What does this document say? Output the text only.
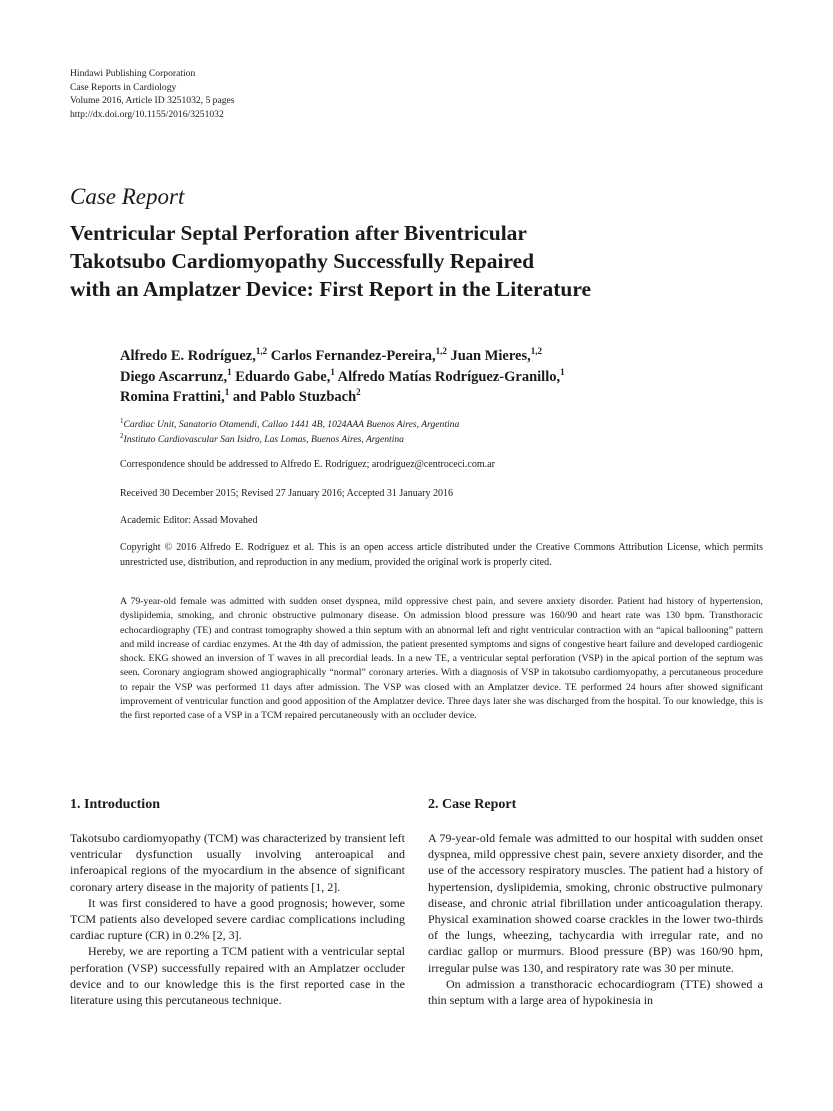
Hindawi Publishing Corporation
Case Reports in Cardiology
Volume 2016, Article ID 3251032, 5 pages
http://dx.doi.org/10.1155/2016/3251032
Case Report
Ventricular Septal Perforation after Biventricular
Takotsubo Cardiomyopathy Successfully Repaired
with an Amplatzer Device: First Report in the Literature
Alfredo E. Rodríguez,$^{1,2}$ Carlos Fernandez-Pereira,$^{1,2}$ Juan Mieres,$^{1,2}$
Diego Ascarrunz,$^1$ Eduardo Gabe,$^1$ Alfredo Matías Rodríguez-Granillo,$^1$
Romina Frattini,$^1$ and Pablo Stuzbach$^2$
$^1$Cardiac Unit, Sanatorio Otamendi, Callao 1441 4B, 1024AAA Buenos Aires, Argentina
$^2$Instituto Cardiovascular San Isidro, Las Lomas, Buenos Aires, Argentina
Correspondence should be addressed to Alfredo E. Rodríguez; arodriguez@centroceci.com.ar
Received 30 December 2015; Revised 27 January 2016; Accepted 31 January 2016
Academic Editor: Assad Movahed
Copyright © 2016 Alfredo E. Rodríguez et al. This is an open access article distributed under the Creative Commons Attribution License, which permits unrestricted use, distribution, and reproduction in any medium, provided the original work is properly cited.
A 79-year-old female was admitted with sudden onset dyspnea, mild oppressive chest pain, and severe anxiety disorder. Patient had history of hypertension, dyslipidemia, smoking, and chronic obstructive pulmonary disease. On admission blood pressure was 160/90 and heart rate was 130 bpm. Transthoracic echocardiography (TE) and contrast tomography showed a thin septum with an abnormal left and right ventricular contraction with an “apical ballooning” pattern and mild increase of cardiac enzymes. At the 4th day of admission, the patient presented symptoms and signs of congestive heart failure and developed cardiogenic shock. EKG showed an inversion of T waves in all precordial leads. In a new TE, a ventricular septal perforation (VSP) in the apical portion of the septum was seen. Coronary angiogram showed angiographically “normal” coronary arteries. With a diagnosis of VSP in takotsubo cardiomyopathy, a percutaneous procedure to repair the VSP was performed 11 days after admission. The VSP was closed with an Amplatzer device. TE performed 24 hours after showed significant improvement of ventricular function and good apposition of the Amplatzer device. Three days later she was discharged from the hospital. To our knowledge, this is the first reported case of a VSP in a TCM repaired percutaneously with an occluder device.
1. Introduction

Takotsubo cardiomyopathy (TCM) was characterized by transient left ventricular dysfunction usually involving anteroapical and inferoapical regions of the myocardium in the absence of significant coronary artery disease in the majority of patients [1, 2].

It was first considered to have a good prognosis; however, some TCM patients also developed severe cardiac complications including cardiac rupture (CR) in 0.2% [2, 3].

Hereby, we are reporting a TCM patient with a ventricular septal perforation (VSP) successfully repaired with an Amplatzer occluder device and to our knowledge this is the first reported case in the literature using this percutaneous technique.

2. Case Report

A 79-year-old female was admitted to our hospital with sudden onset dyspnea, mild oppressive chest pain, severe anxiety disorder, and the use of the accessory respiratory muscles. The patient had a history of hypertension, dyslipidemia, smoking, chronic obstructive pulmonary disease, and chronic atrial fibrillation under anticoagulation therapy. Physical examination showed coarse crackles in the lower two-thirds of the lungs, wheezing, tachycardia with irregular rate, and no cardiac gallop or murmurs. Blood pressure (BP) was 160/90 hpm, irregular pulse was 130, and respiratory rate was 30 per minute.

On admission a transthoracic echocardiogram (TTE) showed a thin septum with a large area of hypokinesia in
